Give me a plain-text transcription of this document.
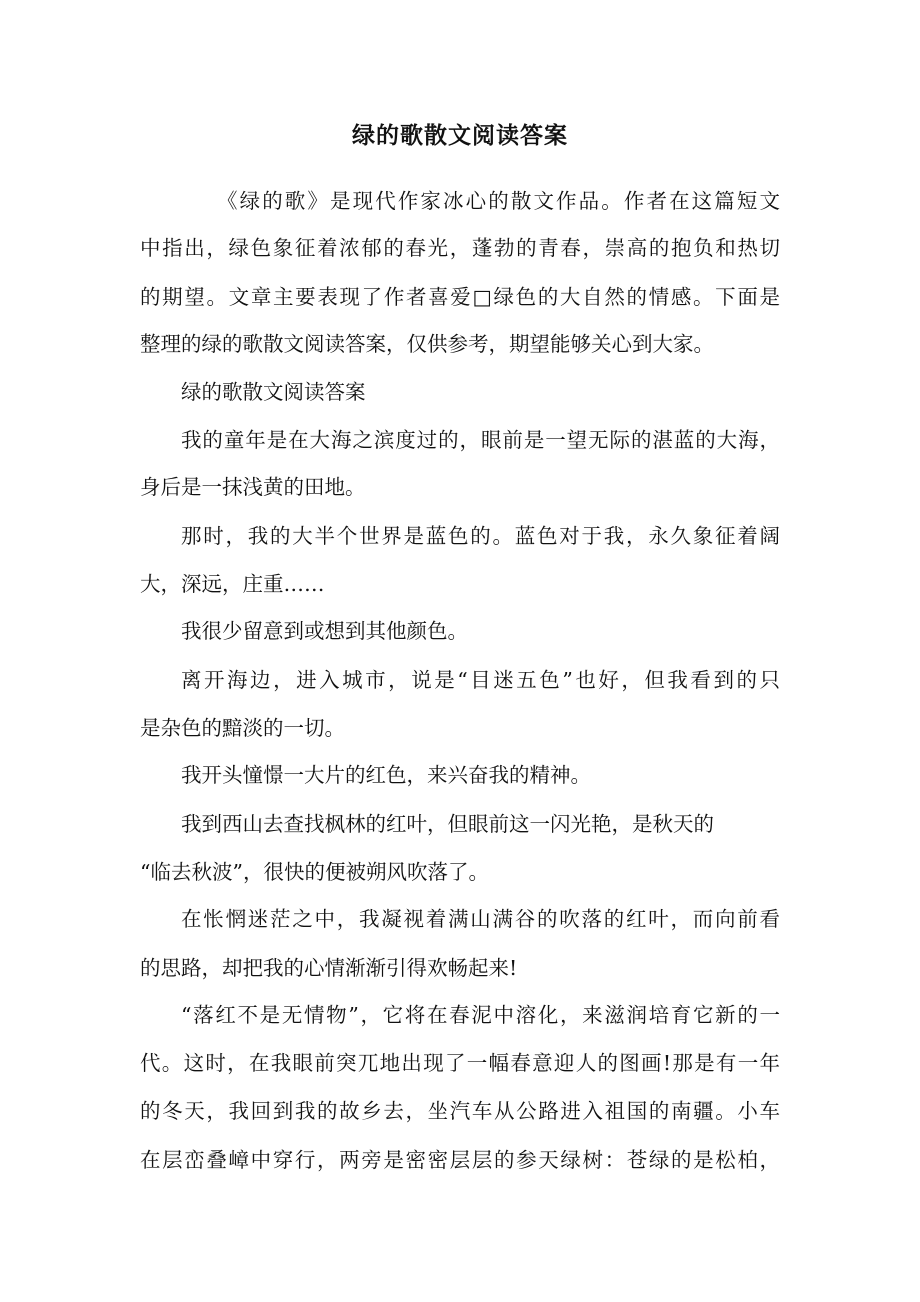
绿的歌散文阅读答案

《绿的歌》是现代作家冰心的散文作品。作者在这篇短文

中指出，绿色象征着浓郁的春光，蓬勃的青春，崇高的抱负和热切

的期望。文章主要表现了作者喜爱□绿色的大自然的情感。下面是

整理的绿的歌散文阅读答案，仅供参考，期望能够关心到大家。

绿的歌散文阅读答案

我的童年是在大海之滨度过的，眼前是一望无际的湛蓝的大海，

身后是一抹浅黄的田地。

那时，我的大半个世界是蓝色的。蓝色对于我，永久象征着阔

大，深远，庄重……

我很少留意到或想到其他颜色。

离开海边，进入城市，说是“目迷五色”也好，但我看到的只

是杂色的黯淡的一切。

我开头憧憬一大片的红色，来兴奋我的精神。

我到西山去查找枫林的红叶，但眼前这一闪光艳，是秋天的

“临去秋波”，很快的便被朔风吹落了。

在怅惘迷茫之中，我凝视着满山满谷的吹落的红叶，而向前看

的思路，却把我的心情渐渐引得欢畅起来!

“落红不是无情物”，它将在春泥中溶化，来滋润培育它新的一

代。这时，在我眼前突兀地出现了一幅春意迎人的图画!那是有一年

的冬天，我回到我的故乡去，坐汽车从公路进入祖国的南疆。小车

在层峦叠嶂中穿行，两旁是密密层层的参天绿树：苍绿的是松柏，
